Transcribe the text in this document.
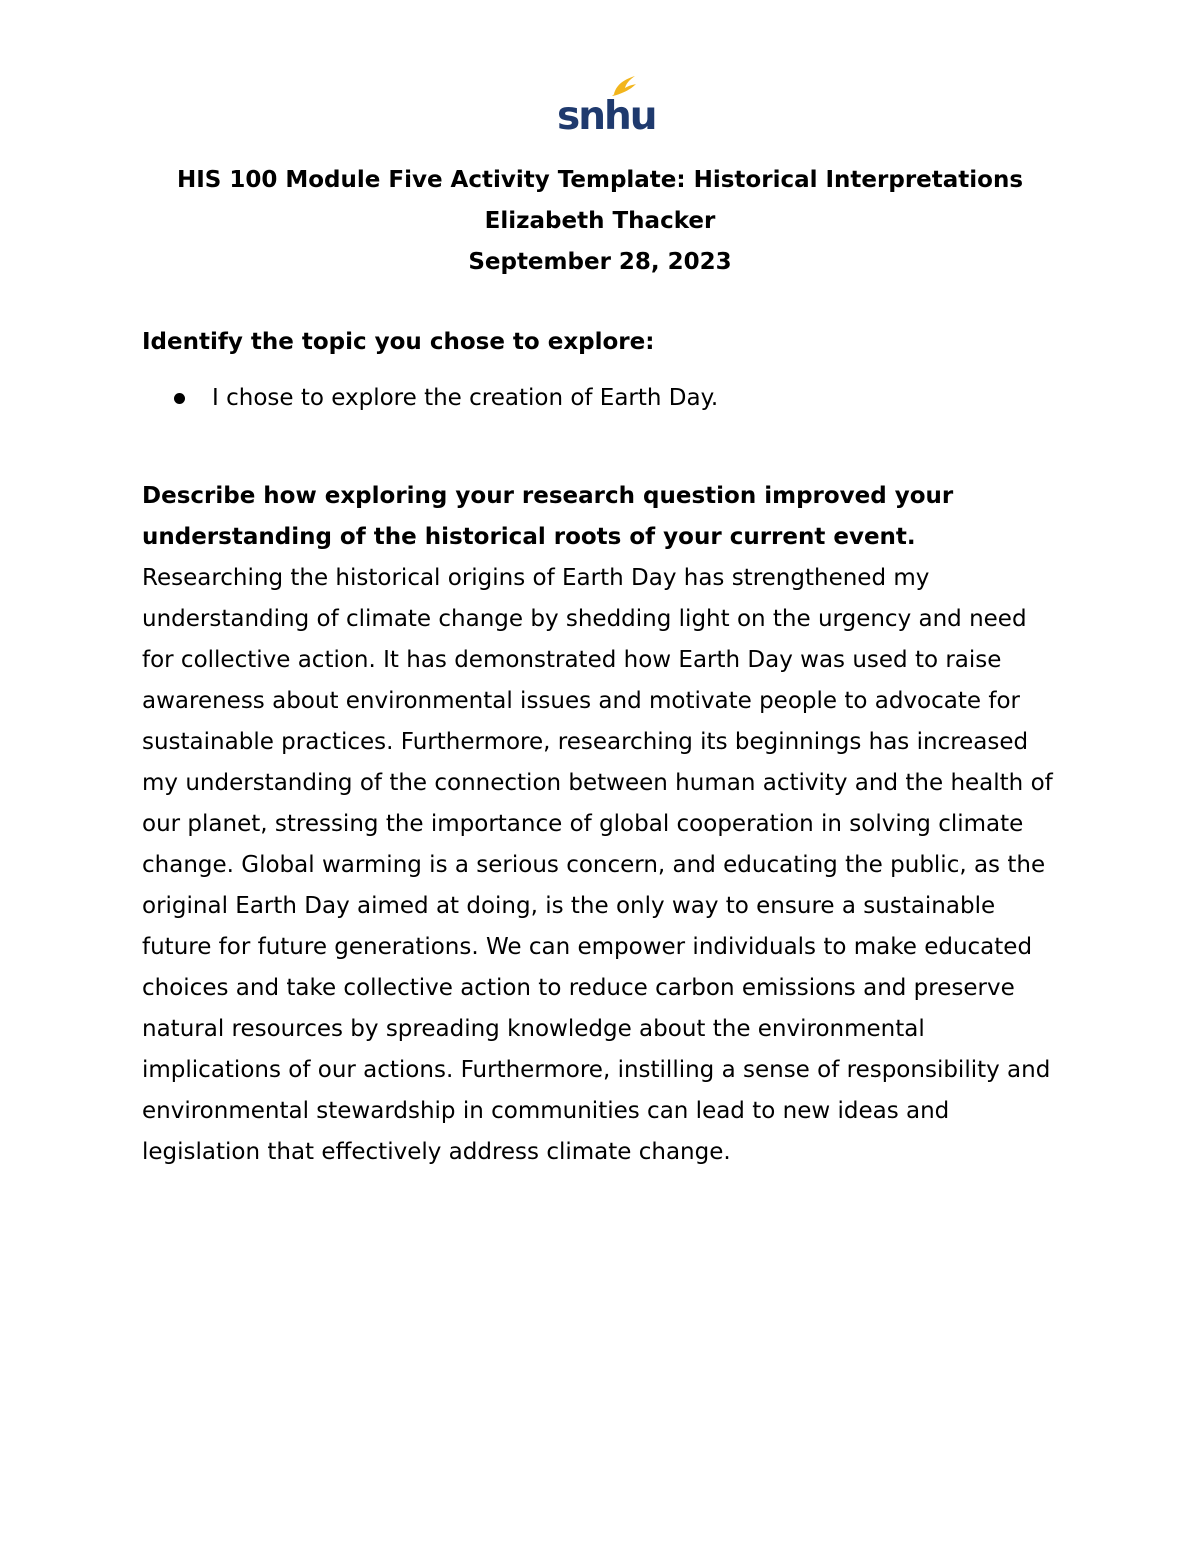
snhu
HIS 100 Module Five Activity Template: Historical Interpretations
Elizabeth Thacker
September 28, 2023

Identify the topic you chose to explore:

I chose to explore the creation of Earth Day.

Describe how exploring your research question improved your understanding of the historical roots of your current event.

Researching the historical origins of Earth Day has strengthened my understanding of climate change by shedding light on the urgency and need for collective action. It has demonstrated how Earth Day was used to raise awareness about environmental issues and motivate people to advocate for sustainable practices. Furthermore, researching its beginnings has increased my understanding of the connection between human activity and the health of our planet, stressing the importance of global cooperation in solving climate change. Global warming is a serious concern, and educating the public, as the original Earth Day aimed at doing, is the only way to ensure a sustainable future for future generations. We can empower individuals to make educated choices and take collective action to reduce carbon emissions and preserve natural resources by spreading knowledge about the environmental implications of our actions. Furthermore, instilling a sense of responsibility and environmental stewardship in communities can lead to new ideas and legislation that effectively address climate change.
